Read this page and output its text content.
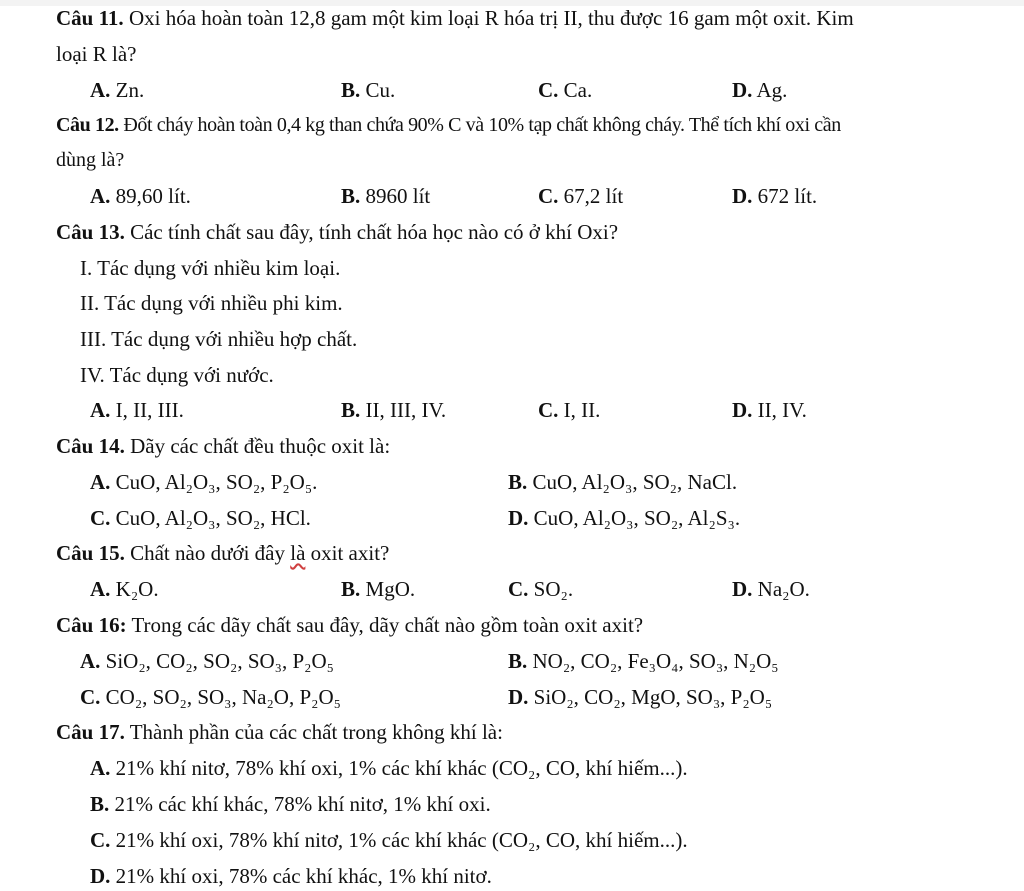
Câu 11. Oxi hóa hoàn toàn 12,8 gam một kim loại R hóa trị II, thu được 16 gam một oxit. Kim
loại R là?
A. Zn.	B. Cu.	C. Ca.	D. Ag.
Câu 12. Đốt cháy hoàn toàn 0,4 kg than chứa 90% C và 10% tạp chất không cháy. Thể tích khí oxi cần
dùng là?
A. 89,60 lít.	B. 8960 lít	C. 67,2 lít	D. 672 lít.
Câu 13. Các tính chất sau đây, tính chất hóa học nào có ở khí Oxi?
I. Tác dụng với nhiều kim loại.
II. Tác dụng với nhiều phi kim.
III. Tác dụng với nhiều hợp chất.
IV. Tác dụng với nước.
A. I, II, III.	B. II, III, IV.	C. I, II.	D. II, IV.
Câu 14. Dãy các chất đều thuộc oxit là:
A. CuO, Al₂O₃, SO₂, P₂O₅.	B. CuO, Al₂O₃, SO₂, NaCl.
C. CuO, Al₂O₃, SO₂, HCl.	D. CuO, Al₂O₃, SO₂, Al₂S₃.
Câu 15. Chất nào dưới đây là oxit axit?
A. K₂O.	B. MgO.	C. SO₂.	D. Na₂O.
Câu 16: Trong các dãy chất sau đây, dãy chất nào gồm toàn oxit axit?
A. SiO₂, CO₂, SO₂, SO₃, P₂O₅	B. NO₂, CO₂, Fe₃O₄, SO₃, N₂O₅
C. CO₂, SO₂, SO₃, Na₂O, P₂O₅	D. SiO₂, CO₂, MgO, SO₃, P₂O₅
Câu 17. Thành phần của các chất trong không khí là:
A. 21% khí nitơ, 78% khí oxi, 1% các khí khác (CO₂, CO, khí hiếm...).
B. 21% các khí khác, 78% khí nitơ, 1% khí oxi.
C. 21% khí oxi, 78% khí nitơ, 1% các khí khác (CO₂, CO, khí hiếm...).
D. 21% khí oxi, 78% các khí khác, 1% khí nitơ.
